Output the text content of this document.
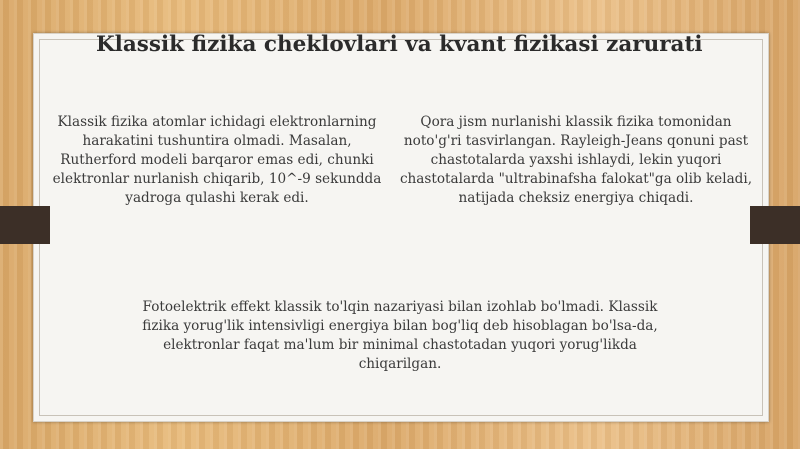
Klassik fizika cheklovlari va kvant fizikasi zarurati

Klassik fizika atomlar ichidagi elektronlarning harakatini tushuntira olmadi. Masalan, Rutherford modeli barqaror emas edi, chunki elektronlar nurlanish chiqarib, 10^-9 sekundda yadroga qulashi kerak edi.

Qora jism nurlanishi klassik fizika tomonidan noto'g'ri tasvirlangan. Rayleigh-Jeans qonuni past chastotalarda yaxshi ishlaydi, lekin yuqori chastotalarda "ultrabinafsha falokat"ga olib keladi, natijada cheksiz energiya chiqadi.

Fotoelektrik effekt klassik to'lqin nazariyasi bilan izohlab bo'lmadi. Klassik fizika yorug'lik intensivligi energiya bilan bog'liq deb hisoblagan bo'lsa-da, elektronlar faqat ma'lum bir minimal chastotadan yuqori yorug'likda chiqarilgan.
